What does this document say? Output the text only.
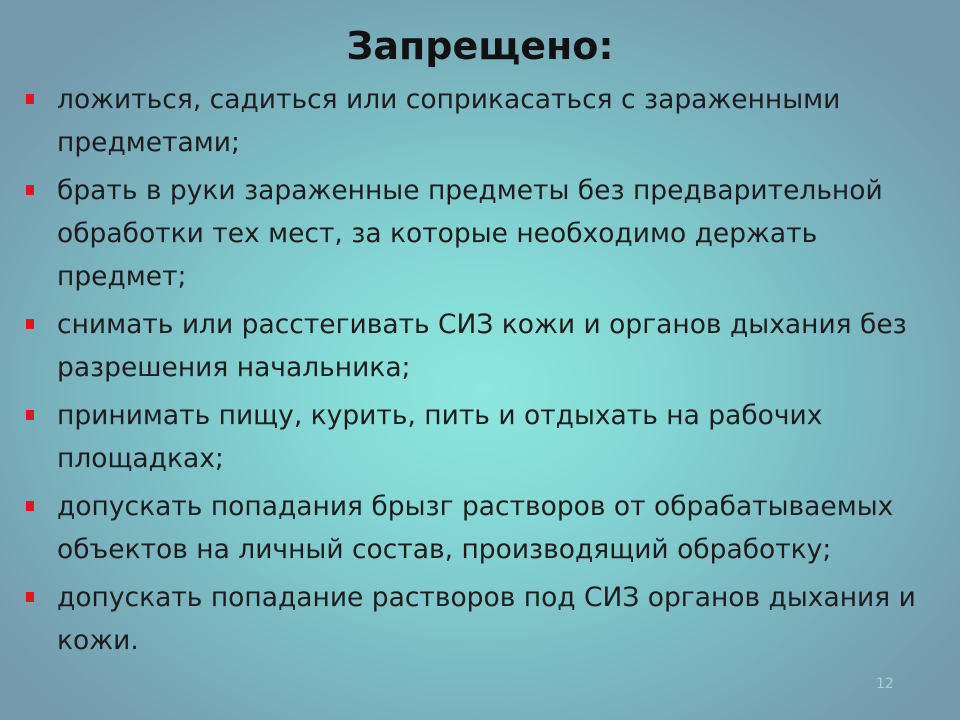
Запрещено:
ложиться, садиться или соприкасаться с зараженными предметами;
брать в руки зараженные предметы без предварительной обработки тех мест, за которые необходимо держать предмет;
снимать или расстегивать СИЗ кожи и органов дыхания без разрешения начальника;
принимать пищу, курить, пить и отдыхать на рабочих площадках;
допускать попадания брызг растворов от обрабатываемых объектов на личный состав, производящий обработку;
допускать попадание растворов под СИЗ органов дыхания и кожи.
12
